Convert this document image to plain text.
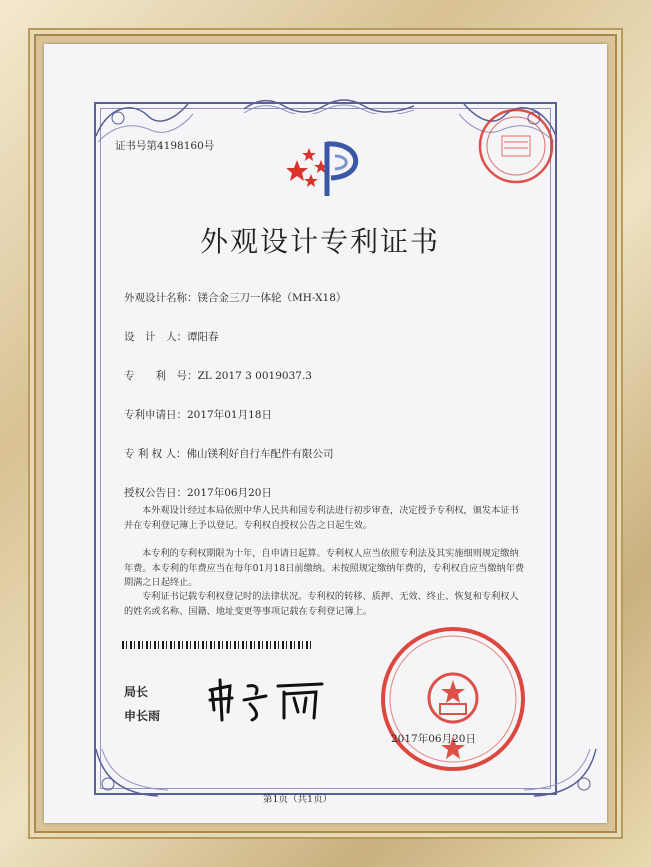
证书号第4198160号
外观设计专利证书
外观设计名称：镁合金三刀一体轮（MH-X18）
设　计　人：谭阳春
专　　利　号：ZL 2017 3 0019037.3
专利申请日：2017年01月18日
专 利 权 人：佛山镁利好自行车配件有限公司
授权公告日：2017年06月20日
本外观设计经过本局依照中华人民共和国专利法进行初步审查，决定授予专利权，颁发本证书并在专利登记簿上予以登记。专利权自授权公告之日起生效。
本专利的专利权期限为十年，自申请日起算。专利权人应当依照专利法及其实施细则规定缴纳年费。本专利的年费应当在每年01月18日前缴纳。未按照规定缴纳年费的，专利权自应当缴纳年费期满之日起终止。
专利证书记载专利权登记时的法律状况。专利权的转移、质押、无效、终止、恢复和专利权人的姓名或名称、国籍、地址变更等事项记载在专利登记簿上。
局长
申长雨
2017年06月20日
第1页（共1页）
